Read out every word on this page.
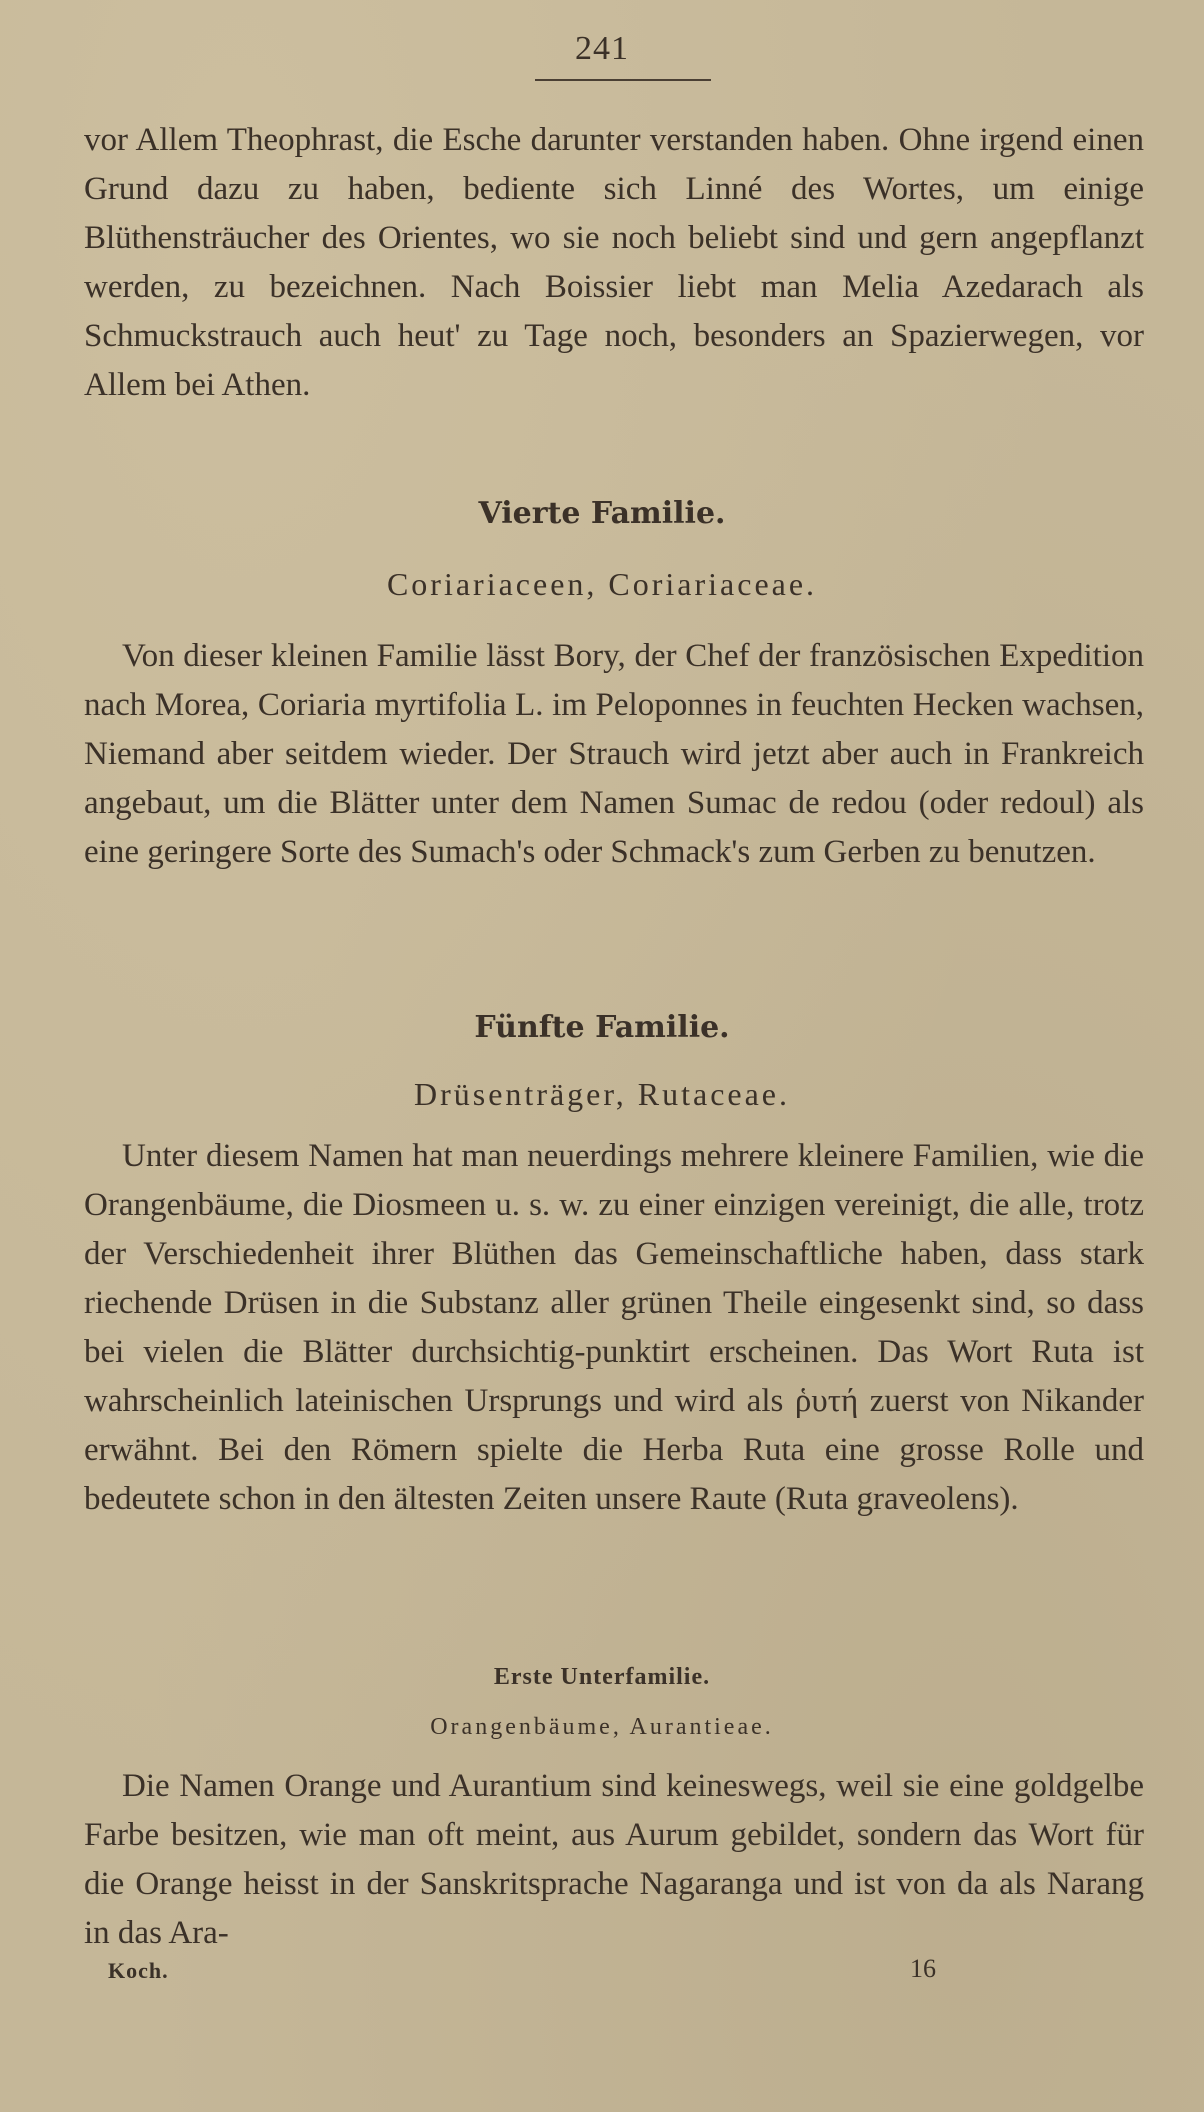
241

vor Allem Theophrast, die Esche darunter verstanden haben. Ohne irgend einen Grund dazu zu haben, bediente sich Linné des Wortes, um einige Blüthensträucher des Orientes, wo sie noch beliebt sind und gern angepflanzt werden, zu bezeichnen. Nach Boissier liebt man Melia Azedarach als Schmuckstrauch auch heut' zu Tage noch, besonders an Spazierwegen, vor Allem bei Athen.

Vierte Familie.
Coriariaceen, Coriariaceae.

Von dieser kleinen Familie lässt Bory, der Chef der französischen Expedition nach Morea, Coriaria myrtifolia L. im Peloponnes in feuchten Hecken wachsen, Niemand aber seitdem wieder. Der Strauch wird jetzt aber auch in Frankreich angebaut, um die Blätter unter dem Namen Sumac de redou (oder redoul) als eine geringere Sorte des Sumach's oder Schmack's zum Gerben zu benutzen.

Fünfte Familie.
Drüsenträger, Rutaceae.

Unter diesem Namen hat man neuerdings mehrere kleinere Familien, wie die Orangenbäume, die Diosmeen u. s. w. zu einer einzigen vereinigt, die alle, trotz der Verschiedenheit ihrer Blüthen das Gemeinschaftliche haben, dass stark riechende Drüsen in die Substanz aller grünen Theile eingesenkt sind, so dass bei vielen die Blätter durchsichtig-punktirt erscheinen. Das Wort Ruta ist wahrscheinlich lateinischen Ursprungs und wird als ῥυτή zuerst von Nikander erwähnt. Bei den Römern spielte die Herba Ruta eine grosse Rolle und bedeutete schon in den ältesten Zeiten unsere Raute (Ruta graveolens).

Erste Unterfamilie.
Orangenbäume, Aurantieae.

Die Namen Orange und Aurantium sind keineswegs, weil sie eine goldgelbe Farbe besitzen, wie man oft meint, aus Aurum gebildet, sondern das Wort für die Orange heisst in der Sanskritsprache Nagaranga und ist von da als Narang in das Ara-

Koch.	16
